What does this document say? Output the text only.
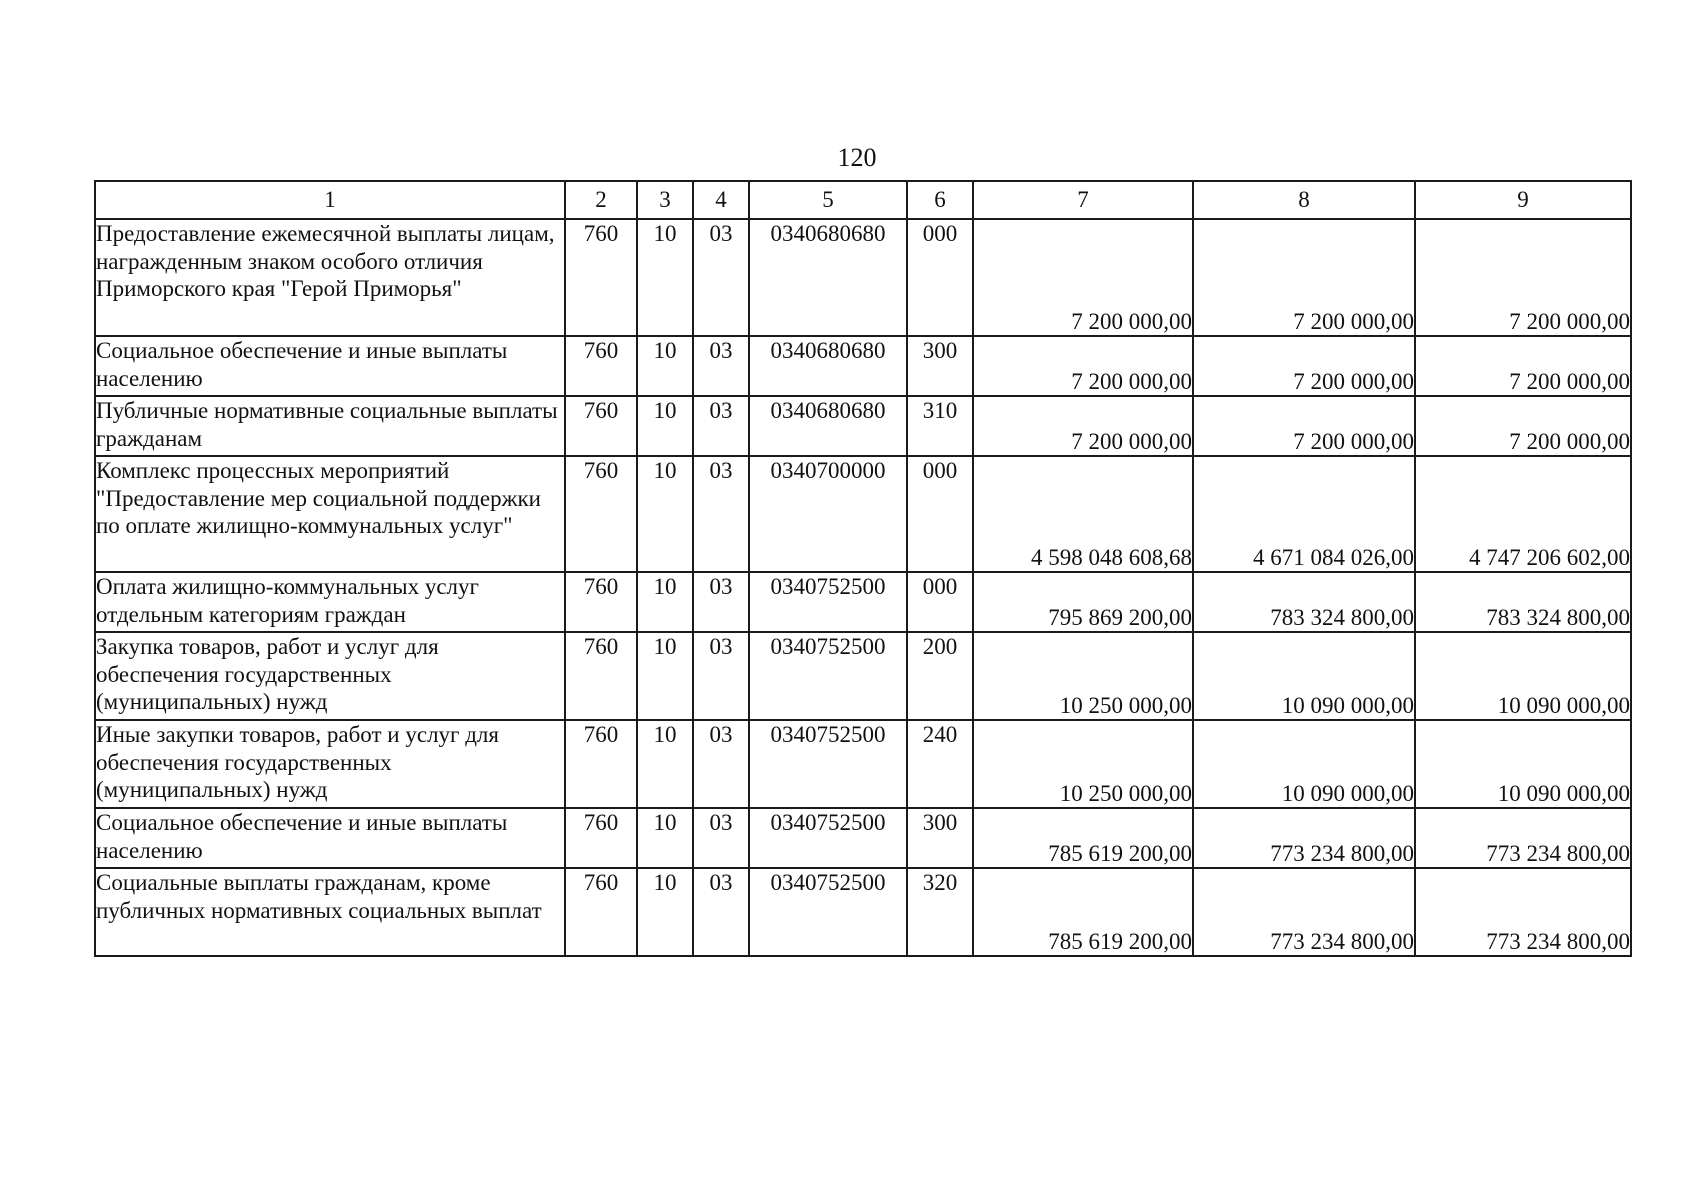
120
1	2	3	4	5	6	7	8	9
Предоставление ежемесячной выплаты лицам, награжденным знаком особого отличия Приморского края "Герой Приморья"	760	10	03	0340680680	000	7 200 000,00	7 200 000,00	7 200 000,00
Социальное обеспечение и иные выплаты населению	760	10	03	0340680680	300	7 200 000,00	7 200 000,00	7 200 000,00
Публичные нормативные социальные выплаты гражданам	760	10	03	0340680680	310	7 200 000,00	7 200 000,00	7 200 000,00
Комплекс процессных мероприятий "Предоставление мер социальной поддержки по оплате жилищно-коммунальных услуг"	760	10	03	0340700000	000	4 598 048 608,68	4 671 084 026,00	4 747 206 602,00
Оплата жилищно-коммунальных услуг отдельным категориям граждан	760	10	03	0340752500	000	795 869 200,00	783 324 800,00	783 324 800,00
Закупка товаров, работ и услуг для обеспечения государственных (муниципальных) нужд	760	10	03	0340752500	200	10 250 000,00	10 090 000,00	10 090 000,00
Иные закупки товаров, работ и услуг для обеспечения государственных (муниципальных) нужд	760	10	03	0340752500	240	10 250 000,00	10 090 000,00	10 090 000,00
Социальное обеспечение и иные выплаты населению	760	10	03	0340752500	300	785 619 200,00	773 234 800,00	773 234 800,00
Социальные выплаты гражданам, кроме публичных нормативных социальных выплат	760	10	03	0340752500	320	785 619 200,00	773 234 800,00	773 234 800,00
